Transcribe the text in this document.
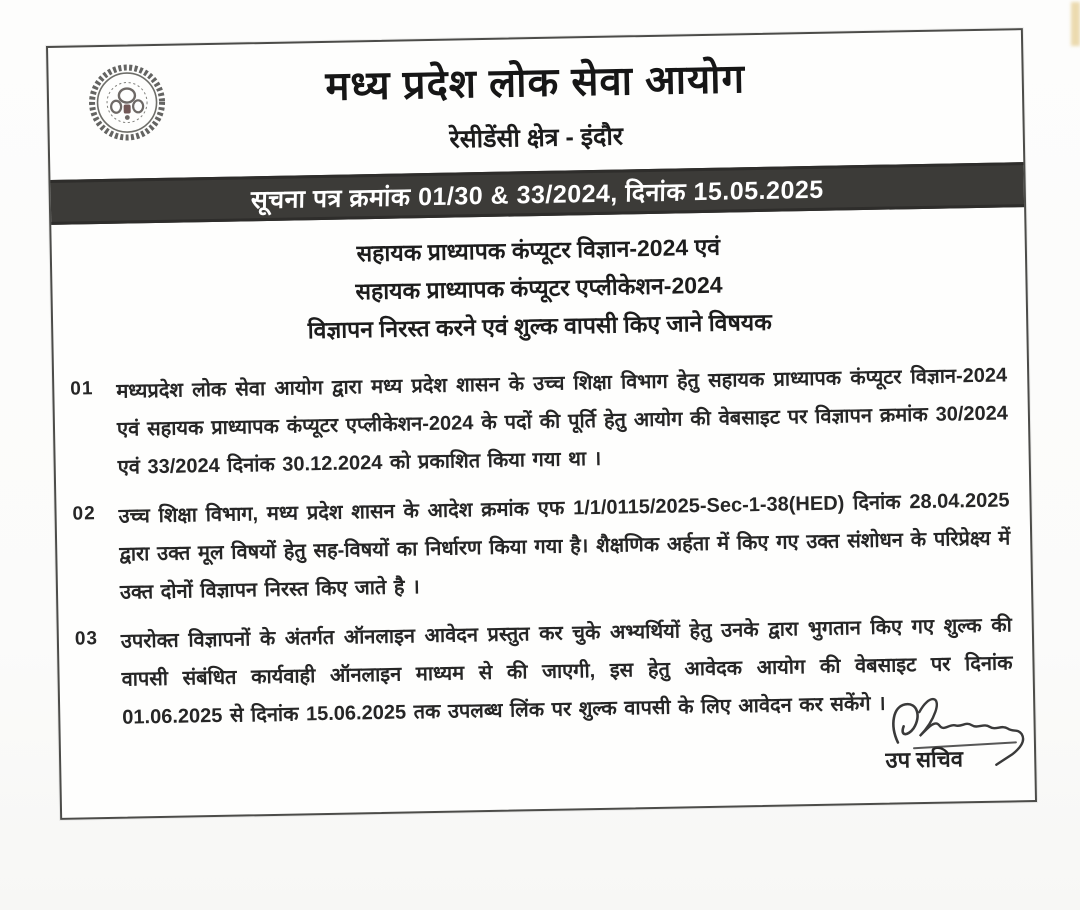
मध्य प्रदेश लोक सेवा आयोग
रेसीडेंसी क्षेत्र - इंदौर
सूचना पत्र क्रमांक 01/30 & 33/2024, दिनांक 15.05.2025
सहायक प्राध्यापक कंप्यूटर विज्ञान-2024 एवं
सहायक प्राध्यापक कंप्यूटर एप्लीकेशन-2024
विज्ञापन निरस्त करने एवं शुल्क वापसी किए जाने विषयक
01	मध्यप्रदेश लोक सेवा आयोग द्वारा मध्य प्रदेश शासन के उच्च शिक्षा विभाग हेतु सहायक प्राध्यापक कंप्यूटर विज्ञान-2024 एवं सहायक प्राध्यापक कंप्यूटर एप्लीकेशन-2024 के पदों की पूर्ति हेतु आयोग की वेबसाइट पर विज्ञापन क्रमांक 30/2024 एवं 33/2024 दिनांक 30.12.2024 को प्रकाशित किया गया था ।
02	उच्च शिक्षा विभाग, मध्य प्रदेश शासन के आदेश क्रमांक एफ 1/1/0115/2025-Sec-1-38(HED) दिनांक 28.04.2025 द्वारा उक्त मूल विषयों हेतु सह-विषयों का निर्धारण किया गया है। शैक्षणिक अर्हता में किए गए उक्त संशोधन के परिप्रेक्ष्य में उक्त दोनों विज्ञापन निरस्त किए जाते है ।
03	उपरोक्त विज्ञापनों के अंतर्गत ऑनलाइन आवेदन प्रस्तुत कर चुके अभ्यर्थियों हेतु उनके द्वारा भुगतान किए गए शुल्क की वापसी संबंधित कार्यवाही ऑनलाइन माध्यम से की जाएगी, इस हेतु आवेदक आयोग की वेबसाइट पर दिनांक 01.06.2025 से दिनांक 15.06.2025 तक उपलब्ध लिंक पर शुल्क वापसी के लिए आवेदन कर सकेंगे ।
उप सचिव
